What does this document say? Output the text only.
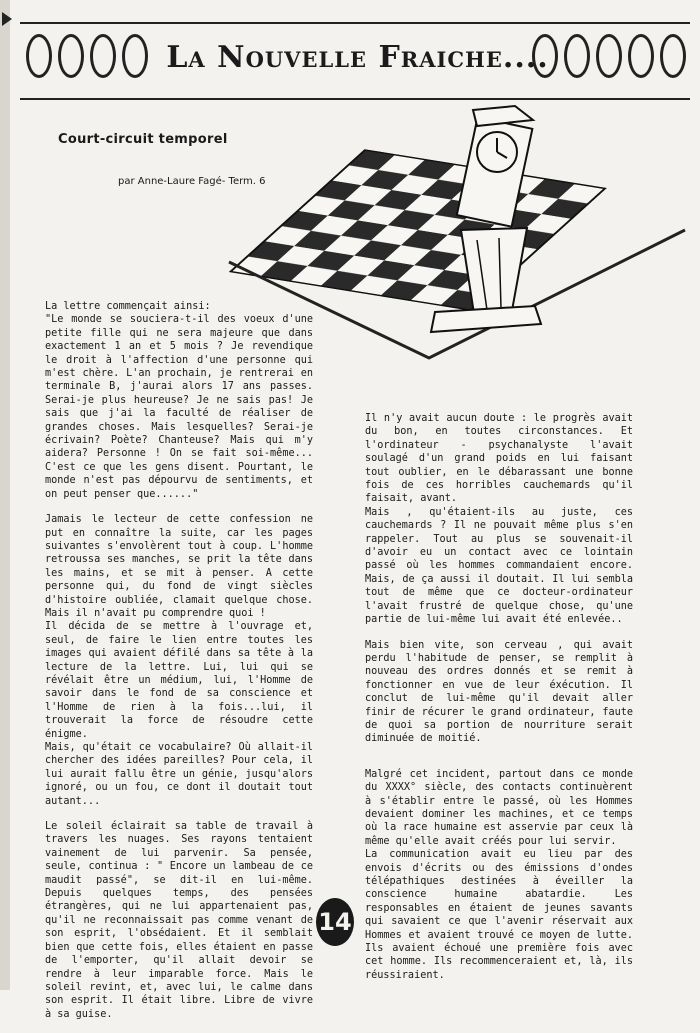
La Nouvelle Fraiche....
Court-circuit temporel
par Anne-Laure Fagé- Term. 6

La lettre commençait ainsi:
"Le monde se souciera-t-il des voeux d'une petite fille qui ne sera majeure que dans exactement 1 an et 5 mois ? Je revendique le droit à l'affection d'une personne qui m'est chère. L'an prochain, je rentrerai en terminale B, j'aurai alors 17 ans passes. Serai-je plus heureuse? Je ne sais pas! Je sais que j'ai la faculté de réaliser de grandes choses. Mais lesquelles? Serai-je écrivain? Poète? Chanteuse? Mais qui m'y aidera? Personne ! On se fait soi-même... C'est ce que les gens disent. Pourtant, le monde n'est pas dépourvu de sentiments, et on peut penser que......"

Jamais le lecteur de cette confession ne put en connaître la suite, car les pages suivantes s'envolèrent tout à coup. L'homme retroussa ses manches, se prit la tête dans les mains, et se mit à penser. A cette personne qui, du fond de vingt siècles d'histoire oubliée, clamait quelque chose. Mais il n'avait pu comprendre quoi !
Il décida de se mettre à l'ouvrage et, seul, de faire le lien entre toutes les images qui avaient défilé dans sa tête à la lecture de la lettre. Lui, lui qui se révélait être un médium, lui, l'Homme de savoir dans le fond de sa conscience et l'Homme de rien à la fois...lui, il trouverait la force de résoudre cette énigme.
Mais, qu'était ce vocabulaire? Où allait-il chercher des idées pareilles? Pour cela, il lui aurait fallu être un génie, jusqu'alors ignoré, ou un fou, ce dont il doutait tout autant...

Le soleil éclairait sa table de travail à travers les nuages. Ses rayons tentaient vainement de lui parvenir. Sa pensée, seule, continua : " Encore un lambeau de ce maudit passé", se dit-il en lui-même. Depuis quelques temps, des pensées étrangères, qui ne lui appartenaient pas, qu'il ne reconnaissait pas comme venant de son esprit, l'obsédaient. Et il semblait bien que cette fois, elles étaient en passe de l'emporter, qu'il allait devoir se rendre à leur imparable force. Mais le soleil revint, et, avec lui, le calme dans son esprit. Il était libre. Libre de vivre à sa guise.

Il n'y avait aucun doute : le progrès avait du bon, en toutes circonstances. Et l'ordinateur - psychanalyste l'avait soulagé d'un grand poids en lui faisant tout oublier, en le débarassant une bonne fois de ces horribles cauchemards qu'il faisait, avant.
Mais , qu'étaient-ils au juste, ces cauchemards ? Il ne pouvait même plus s'en rappeler. Tout au plus se souvenait-il d'avoir eu un contact avec ce lointain passé où les hommes commandaient encore. Mais, de ça aussi il doutait. Il lui sembla tout de même que ce docteur-ordinateur l'avait frustré de quelque chose, qu'une partie de lui-même lui avait été enlevée..

Mais bien vite, son cerveau , qui avait perdu l'habitude de penser, se remplit à nouveau des ordres donnés et se remit à fonctionner en vue de leur éxécution. Il conclut de lui-même qu'il devait aller finir de récurer le grand ordinateur, faute de quoi sa portion de nourriture serait diminuée de moitié.

Malgré cet incident, partout dans ce monde du XXXX° siècle, des contacts continuèrent à s'établir entre le passé, où les Hommes devaient dominer les machines, et ce temps où la race humaine est asservie par ceux là même qu'elle avait créés pour lui servir.
La communication avait eu lieu par des envois d'écrits ou des émissions d'ondes télépathiques destinées à éveiller la conscience humaine abatardie. Les responsables en étaient de jeunes savants qui savaient ce que l'avenir réservait aux Hommes et avaient trouvé ce moyen de lutte. Ils avaient échoué une première fois avec cet homme. Ils recommenceraient et, là, ils réussiraient.

14
